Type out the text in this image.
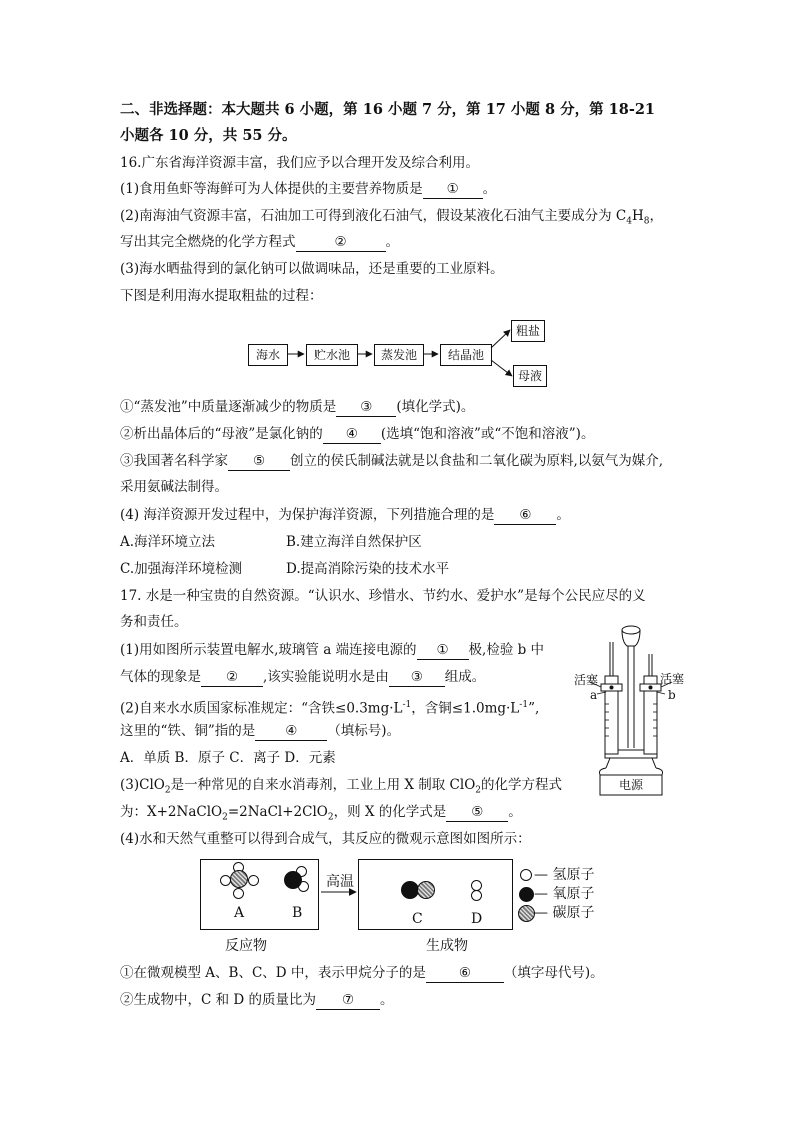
二、非选择题：本大题共 6 小题，第 16 小题 7 分，第 17 小题 8 分，第 18-21
小题各 10 分，共 55 分。
16.广东省海洋资源丰富，我们应予以合理开发及综合利用。
(1)食用鱼虾等海鲜可为人体提供的主要营养物质是 ① 。
(2)南海油气资源丰富，石油加工可得到液化石油气，假设某液化石油气主要成分为 $C_4H_8$，
写出其完全燃烧的化学方程式	②	。
(3)海水晒盐得到的氯化钠可以做调味品，还是重要的工业原料。
下图是利用海水提取粗盐的过程：
海水	贮水池	蒸发池	结晶池
粗盐
母液
①“蒸发池”中质量逐渐减少的物质是 ③ (填化学式)。
②析出晶体后的“母液”是氯化钠的 ④ (选填“饱和溶液”或“不饱和溶液”)。
③我国著名科学家 ⑤ 创立的侯氏制碱法就是以食盐和二氧化碳为原料,以氨气为媒介,
采用氨碱法制得。
(4) 海洋资源开发过程中，为保护海洋资源，下列措施合理的是 ⑥ 。
A.海洋环境立法	B.建立海洋自然保护区
C.加强海洋环境检测	D.提高消除污染的技术水平
17. 水是一种宝贵的自然资源。“认识水、珍惜水、节约水、爱护水”是每个公民应尽的义
务和责任。
(1)用如图所示装置电解水,玻璃管 a 端连接电源的 ① 极,检验 b 中
气体的现象是 ② ,该实验能说明水是由 ③ 组成。
(2)自来水水质国家标准规定：“含铁$\le 0.3mg\cdot L^{-1}$，含铜$\le 1.0mg\cdot L^{-1}$”,
这里的“铁、铜”指的是 ④ （填标号)。
A．单质 B．原子 C．离子 D．元素
(3)ClO$_2$是一种常见的自来水消毒剂，工业上用 X 制取 ClO$_2$的化学方程式
为：X+2NaClO$_2$=2NaCl+2ClO$_2$，则 X 的化学式是 ⑤ 。
(4)水和天然气重整可以得到合成气，其反应的微观示意图如图所示：
高温
A	B	C	D
反应物	生成物
— 氢原子
— 氧原子
— 碳原子
①在微观模型 A、B、C、D 中，表示甲烷分子的是 ⑥ （填字母代号)。
②生成物中，C 和 D 的质量比为 ⑦ 。
活塞	活塞
a	b
电源
